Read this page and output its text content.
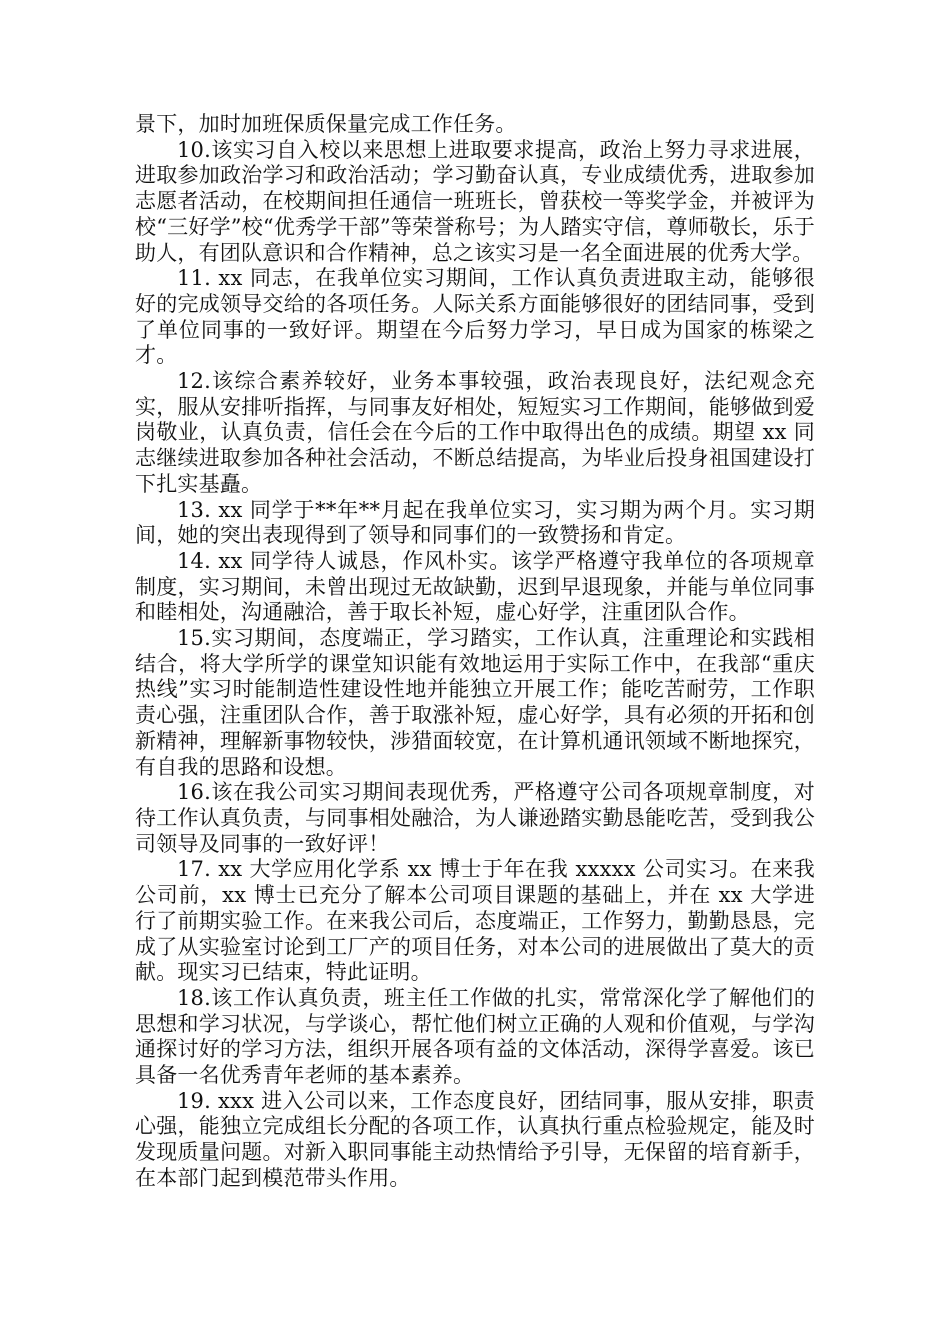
景下，加时加班保质保量完成工作任务。

10.该实习自入校以来思想上进取要求提高，政治上努力寻求进展，进取参加政治学习和政治活动；学习勤奋认真，专业成绩优秀，进取参加志愿者活动，在校期间担任通信一班班长，曾获校一等奖学金，并被评为校“三好学”校“优秀学干部”等荣誉称号；为人踏实守信，尊师敬长，乐于助人，有团队意识和合作精神，总之该实习是一名全面进展的优秀大学。

11. xx 同志，在我单位实习期间，工作认真负责进取主动，能够很好的完成领导交给的各项任务。人际关系方面能够很好的团结同事，受到了单位同事的一致好评。期望在今后努力学习，早日成为国家的栋梁之才。

12.该综合素养较好，业务本事较强，政治表现良好，法纪观念充实，服从安排听指挥，与同事友好相处，短短实习工作期间，能够做到爱岗敬业，认真负责，信任会在今后的工作中取得出色的成绩。期望 xx 同志继续进取参加各种社会活动，不断总结提高，为毕业后投身祖国建设打下扎实基矗。

13. xx 同学于**年**月起在我单位实习，实习期为两个月。实习期间，她的突出表现得到了领导和同事们的一致赞扬和肯定。

14. xx 同学待人诚恳，作风朴实。该学严格遵守我单位的各项规章制度，实习期间，未曾出现过无故缺勤，迟到早退现象，并能与单位同事和睦相处，沟通融洽，善于取长补短，虚心好学，注重团队合作。

15.实习期间，态度端正，学习踏实，工作认真，注重理论和实践相结合，将大学所学的课堂知识能有效地运用于实际工作中，在我部“重庆热线”实习时能制造性建设性地并能独立开展工作；能吃苦耐劳，工作职责心强，注重团队合作，善于取涨补短，虚心好学，具有必须的开拓和创新精神，理解新事物较快，涉猎面较宽，在计算机通讯领域不断地探究，有自我的思路和设想。

16.该在我公司实习期间表现优秀，严格遵守公司各项规章制度，对待工作认真负责，与同事相处融洽，为人谦逊踏实勤恳能吃苦，受到我公司领导及同事的一致好评！

17. xx 大学应用化学系 xx 博士于年在我 xxxxx 公司实习。在来我公司前，xx 博士已充分了解本公司项目课题的基础上，并在 xx 大学进行了前期实验工作。在来我公司后，态度端正，工作努力，勤勤恳恳，完成了从实验室讨论到工厂产的项目任务，对本公司的进展做出了莫大的贡献。现实习已结束，特此证明。

18.该工作认真负责，班主任工作做的扎实，常常深化学了解他们的思想和学习状况，与学谈心，帮忙他们树立正确的人观和价值观，与学沟通探讨好的学习方法，组织开展各项有益的文体活动，深得学喜爱。该已具备一名优秀青年老师的基本素养。

19. xxx 进入公司以来，工作态度良好，团结同事，服从安排，职责心强，能独立完成组长分配的各项工作，认真执行重点检验规定，能及时发现质量问题。对新入职同事能主动热情给予引导，无保留的培育新手，在本部门起到模范带头作用。
